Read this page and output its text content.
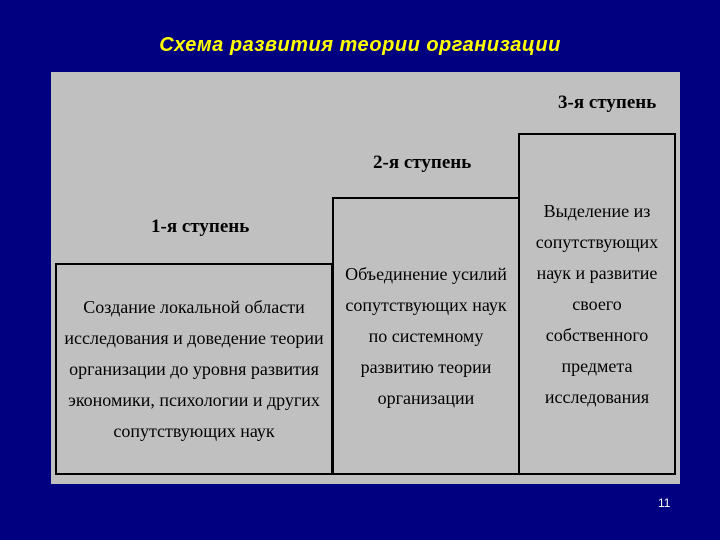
Схема развития теории организации
3-я ступень
2-я ступень
1-я ступень
Создание локальной области исследования и доведение теории организации до уровня развития экономики, психологии и других сопутствующих наук
Объединение усилий сопутствующих наук по системному развитию теории организации
Выделение из сопутствующих наук и развитие своего собственного предмета исследования
11
